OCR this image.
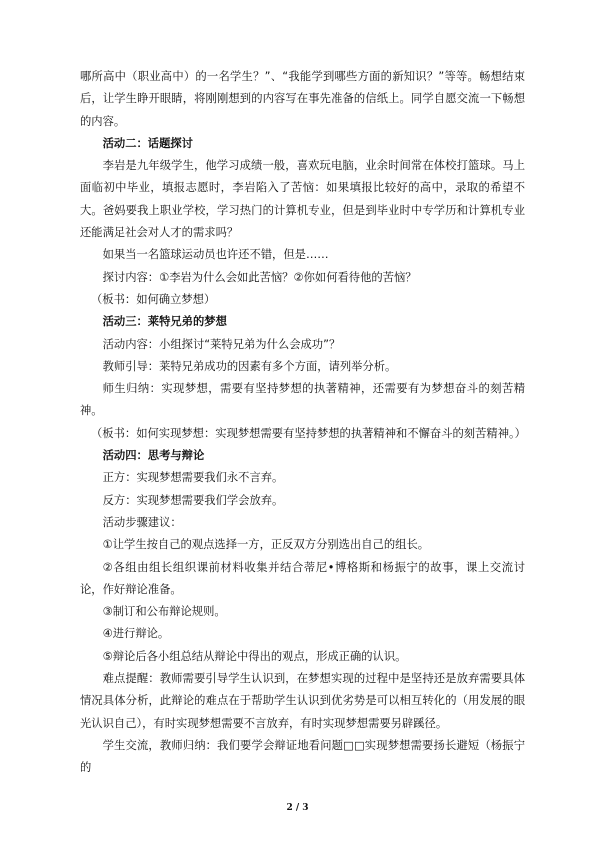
哪所高中（职业高中）的一名学生？”、“我能学到哪些方面的新知识？”等等。畅想结束后，让学生睁开眼睛，将刚刚想到的内容写在事先准备的信纸上。同学自愿交流一下畅想的内容。

活动二：话题探讨

李岩是九年级学生，他学习成绩一般，喜欢玩电脑，业余时间常在体校打篮球。马上面临初中毕业，填报志愿时，李岩陷入了苦恼：如果填报比较好的高中，录取的希望不大。爸妈要我上职业学校，学习热门的计算机专业，但是到毕业时中专学历和计算机专业还能满足社会对人才的需求吗？

如果当一名篮球运动员也许还不错，但是……

探讨内容：①李岩为什么会如此苦恼？②你如何看待他的苦恼？

（板书：如何确立梦想）

活动三：莱特兄弟的梦想

活动内容：小组探讨“莱特兄弟为什么会成功”？

教师引导：莱特兄弟成功的因素有多个方面，请列举分析。

师生归纳：实现梦想，需要有坚持梦想的执著精神，还需要有为梦想奋斗的刻苦精神。

（板书：如何实现梦想：实现梦想需要有坚持梦想的执著精神和不懈奋斗的刻苦精神。）

活动四：思考与辩论

正方：实现梦想需要我们永不言弃。

反方：实现梦想需要我们学会放弃。

活动步骤建议：

①让学生按自己的观点选择一方，正反双方分别选出自己的组长。

②各组由组长组织课前材料收集并结合蒂尼•博格斯和杨振宁的故事，课上交流讨论，作好辩论准备。

③制订和公布辩论规则。

④进行辩论。

⑤辩论后各小组总结从辩论中得出的观点，形成正确的认识。

难点提醒：教师需要引导学生认识到，在梦想实现的过程中是坚持还是放弃需要具体情况具体分析，此辩论的难点在于帮助学生认识到优劣势是可以相互转化的（用发展的眼光认识自己），有时实现梦想需要不言放弃，有时实现梦想需要另辟蹊径。

学生交流，教师归纳：我们要学会辩证地看问题□□实现梦想需要扬长避短（杨振宁的

2 / 3
